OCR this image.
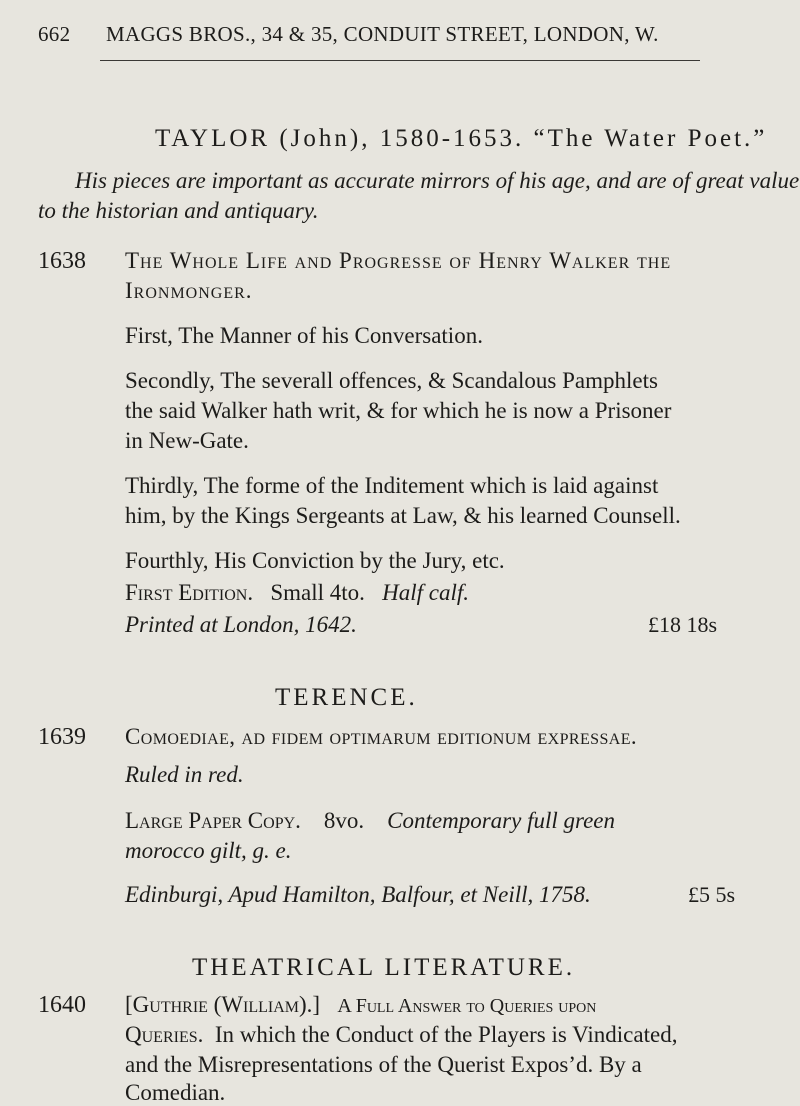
662 MAGGS BROS., 34 & 35, CONDUIT STREET, LONDON, W.
TAYLOR (John), 1580-1653. “The Water Poet.”
His pieces are important as accurate mirrors of his age, and are of great value
to the historian and antiquary.
1638 The Whole Life and Progresse of Henry Walker the
Ironmonger.
First, The Manner of his Conversation.
Secondly, The severall offences, & Scandalous Pamphlets
the said Walker hath writ, & for which he is now a Prisoner
in New-Gate.
Thirdly, The forme of the Inditement which is laid against
him, by the Kings Sergeants at Law, & his learned Counsell.
Fourthly, His Conviction by the Jury, etc.
First Edition. Small 4to. Half calf.
Printed at London, 1642.	£18 18s
TERENCE.
1639 Comoediae, ad fidem optimarum editionum expressae.
Ruled in red.
Large Paper Copy. 8vo. Contemporary full green
morocco gilt, g. e.
Edinburgi, Apud Hamilton, Balfour, et Neill, 1758.	£5 5s
THEATRICAL LITERATURE.
1640 [Guthrie (William).] A Full Answer to Queries upon
Queries. In which the Conduct of the Players is Vindicated,
and the Misrepresentations of the Querist Expos’d. By a
Comedian.
